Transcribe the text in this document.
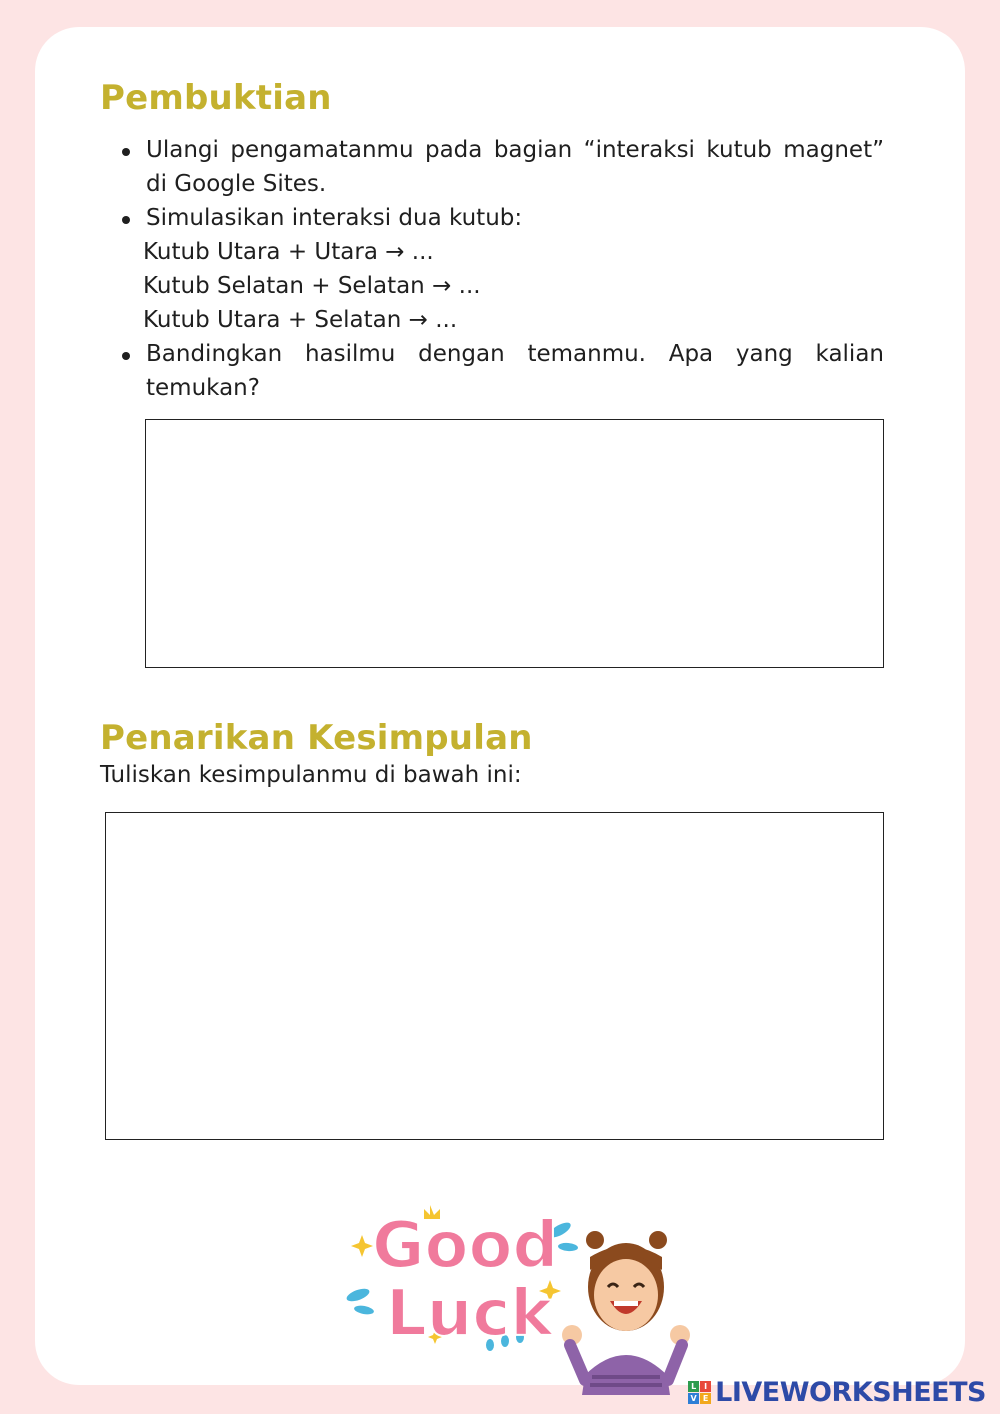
Pembuktian
Ulangi pengamatanmu pada bagian “interaksi kutub magnet” di Google Sites.
Simulasikan interaksi dua kutub:
Kutub Utara + Utara → ...
Kutub Selatan + Selatan → ...
Kutub Utara + Selatan → ...
Bandingkan hasilmu dengan temanmu. Apa yang kalian temukan?
Penarikan Kesimpulan

Tuliskan kesimpulanmu di bawah ini:

Good
Luck
L I
V E LIVEWORKSHEETS
